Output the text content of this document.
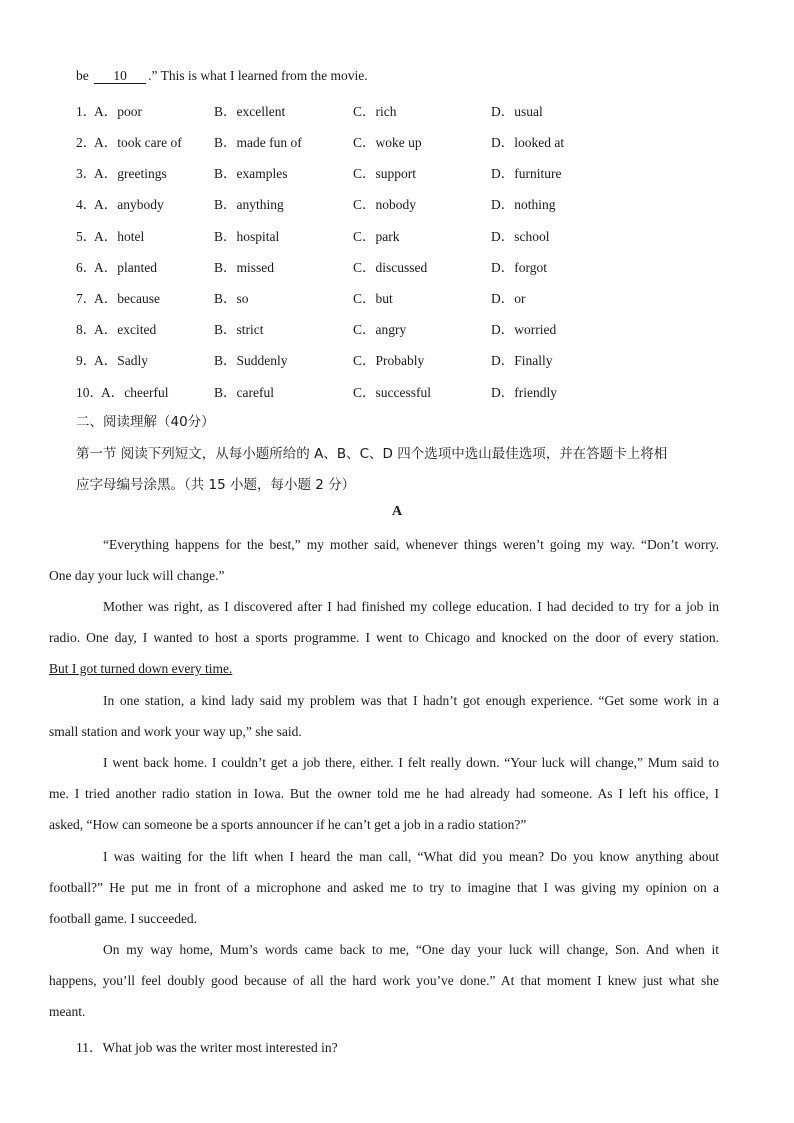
be 10 .” This is what I learned from the movie.
1．
A．poor	B．excellent	C．rich	D．usual
2．
A．took care of B．made fun of	C．woke up	D．looked at
3．
A．greetings	B．examples	C．support	D．furniture
4．
A．anybody	B．anything	C．nobody	D．nothing
5．
A．hotel	B．hospital	C．park	D．school
6．
A．planted	B．missed	C．discussed	D．forgot
7．
A．because	B．so	C．but	D．or
8．
A．excited	B．strict	C．angry	D．worried
9．
A．Sadly	B．Suddenly	C．Probably	D．Finally
10．
A．cheerful	B．careful	C．successful	D．friendly
二、阅读理解（40分）
第一节 阅读下列短文，从每小题所给的 A、B、C、D 四个选项中选山最佳选项，并在答题卡上将相
应字母编号涂黑。（共 15 小题，每小题 2 分）
A
“Everything happens for the best,” my mother said, whenever things weren’t going my way. “Don’t worry.
One day your luck will change.”
Mother was right, as I discovered after I had finished my college education. I had decided to try for a job in
radio. One day, I wanted to host a sports programme. I went to Chicago and knocked on the door of every station.
But I got turned down every time.
In one station, a kind lady said my problem was that I hadn’t got enough experience. “Get some work in a
small station and work your way up,” she said.
I went back home. I couldn’t get a job there, either. I felt really down. “Your luck will change,” Mum said to
me. I tried another radio station in Iowa. But the owner told me he had already had someone. As I left his office, I
asked, “How can someone be a sports announcer if he can’t get a job in a radio station?”
I was waiting for the lift when I heard the man call, “What did you mean? Do you know anything about
football?” He put me in front of a microphone and asked me to try to imagine that I was giving my opinion on a
football game. I succeeded.
On my way home, Mum’s words came back to me, “One day your luck will change, Son. And when it
happens, you’ll feel doubly good because of all the hard work you’ve done.” At that moment I knew just what she
meant.
11．What job was the writer most interested in?
